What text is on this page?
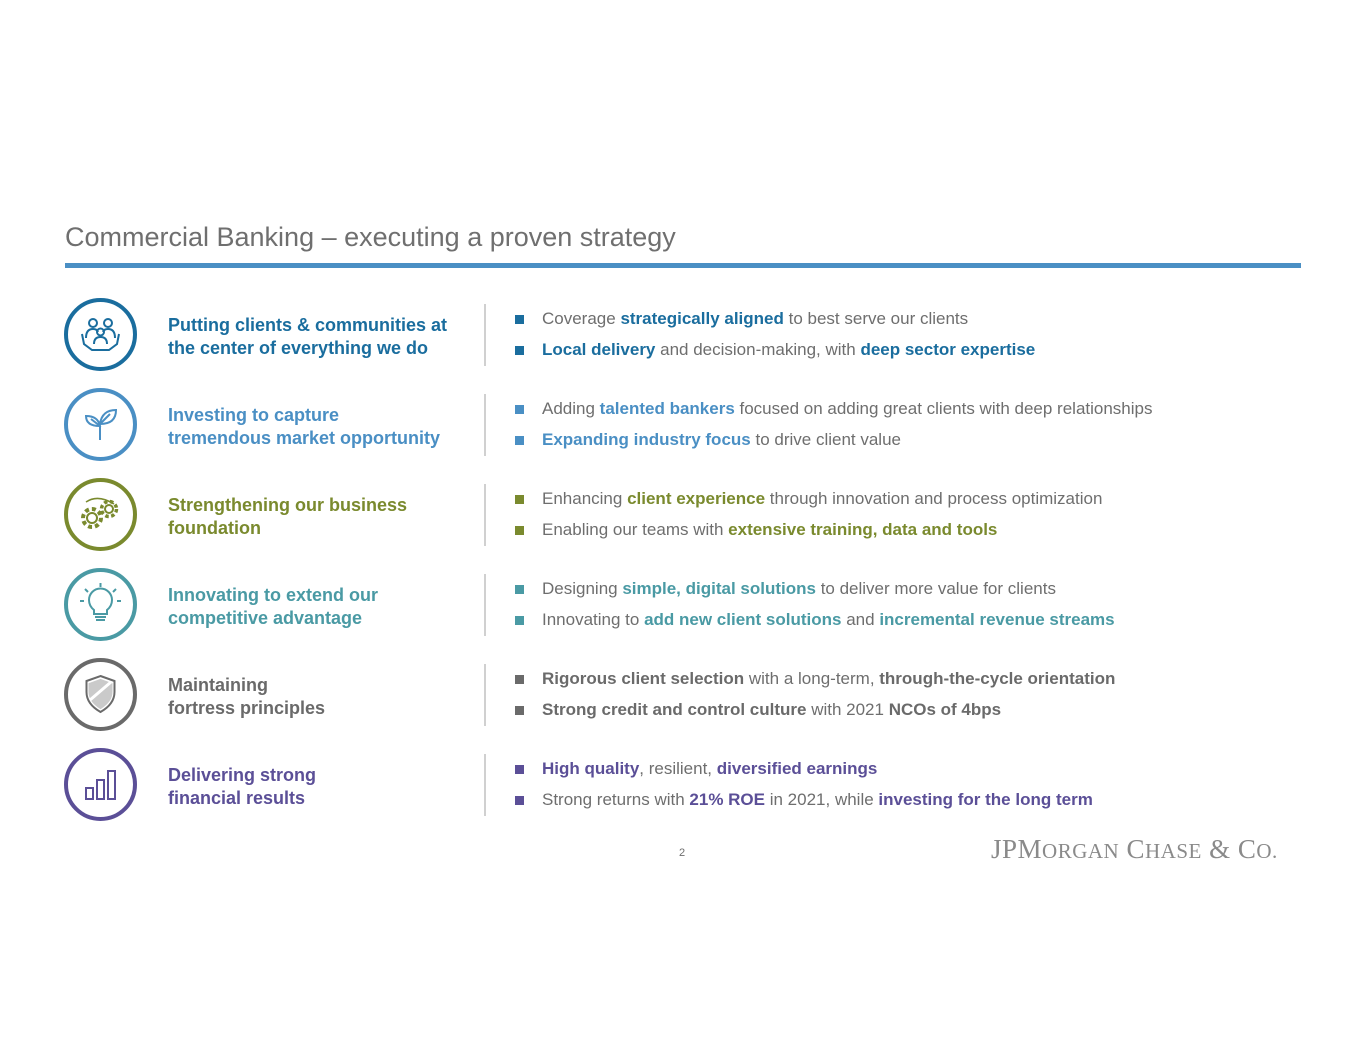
Commercial Banking – executing a proven strategy
Putting clients & communities at
the center of everything we do
Coverage strategically aligned to best serve our clients
Local delivery and decision-making, with deep sector expertise
Investing to capture
tremendous market opportunity
Adding talented bankers focused on adding great clients with deep relationships
Expanding industry focus to drive client value
Strengthening our business
foundation
Enhancing client experience through innovation and process optimization
Enabling our teams with extensive training, data and tools
Innovating to extend our
competitive advantage
Designing simple, digital solutions to deliver more value for clients
Innovating to add new client solutions and incremental revenue streams
Maintaining
fortress principles
Rigorous client selection with a long-term, through-the-cycle orientation
Strong credit and control culture with 2021 NCOs of 4bps
Delivering strong
financial results
High quality, resilient, diversified earnings
Strong returns with 21% ROE in 2021, while investing for the long term
2	JPMORGAN CHASE & CO.
